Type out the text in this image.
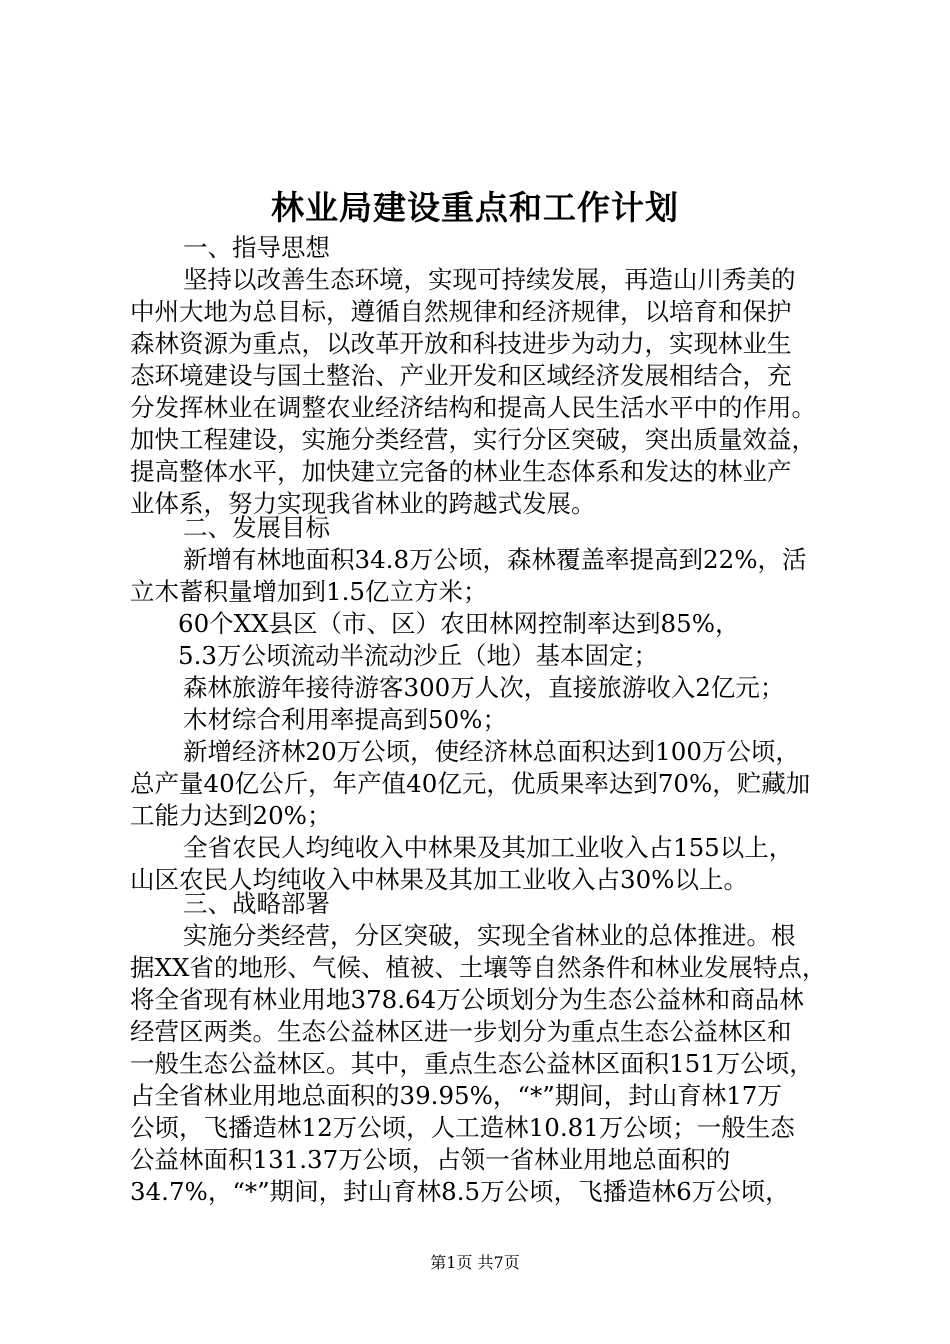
林业局建设重点和工作计划
一、指导思想
坚持以改善生态环境，实现可持续发展，再造山川秀美的
中州大地为总目标，遵循自然规律和经济规律，以培育和保护
森林资源为重点，以改革开放和科技进步为动力，实现林业生
态环境建设与国土整治、产业开发和区域经济发展相结合，充
分发挥林业在调整农业经济结构和提高人民生活水平中的作用。
加快工程建设，实施分类经营，实行分区突破，突出质量效益，
提高整体水平，加快建立完备的林业生态体系和发达的林业产
业体系，努力实现我省林业的跨越式发展。
二、发展目标
新增有林地面积34.8万公顷，森林覆盖率提高到22%，活
立木蓄积量增加到1.5亿立方米；
60个XX县区（市、区）农田林网控制率达到85%，
5.3万公顷流动半流动沙丘（地）基本固定；
森林旅游年接待游客300万人次，直接旅游收入2亿元；
木材综合利用率提高到50%；
新增经济林20万公顷，使经济林总面积达到100万公顷，
总产量40亿公斤，年产值40亿元，优质果率达到70%，贮藏加
工能力达到20%；
全省农民人均纯收入中林果及其加工业收入占155以上，
山区农民人均纯收入中林果及其加工业收入占30%以上。
三、战略部署
实施分类经营，分区突破，实现全省林业的总体推进。根
据XX省的地形、气候、植被、土壤等自然条件和林业发展特点，
将全省现有林业用地378.64万公顷划分为生态公益林和商品林
经营区两类。生态公益林区进一步划分为重点生态公益林区和
一般生态公益林区。其中，重点生态公益林区面积151万公顷，
占全省林业用地总面积的39.95%，“*”期间，封山育林17万
公顷，飞播造林12万公顷，人工造林10.81万公顷；一般生态
公益林面积131.37万公顷，占领一省林业用地总面积的
34.7%，“*”期间，封山育林8.5万公顷，飞播造林6万公顷，
第1页 共7页
